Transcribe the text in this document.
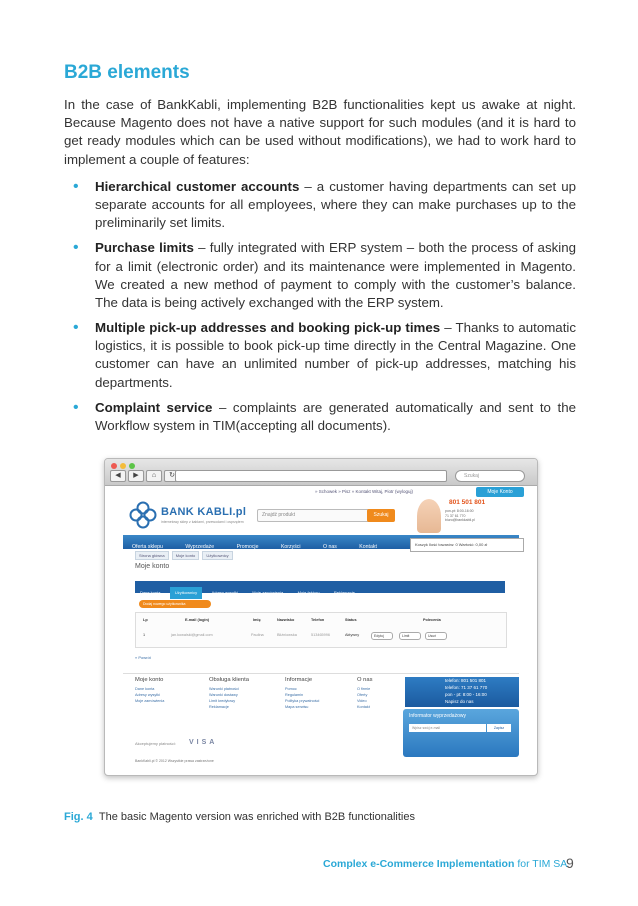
B2B elements

In the case of BankKabli, implementing B2B functionalities kept us awake at night. Because Magento does not have a native support for such modules (and it is hard to get ready modules which can be used without modifications), we had to work hard to implement a couple of features:

• Hierarchical customer accounts – a customer having departments can set up separate accounts for all employees, where they can make purchases up to the preliminarily set limits.
• Purchase limits – fully integrated with ERP system – both the process of asking for a limit (electronic order) and its maintenance were implemented in Magento. We created a new method of payment to comply with the customer’s balance. The data is being actively exchanged with the ERP system.
• Multiple pick-up addresses and booking pick-up times – Thanks to automatic logistics, it is possible to book pick-up time directly in the Central Magazine. One customer can have an unlimited number of pick-up addresses, matching his departments.
• Complaint service – complaints are generated automatically and sent to the Workflow system in TIM(accepting all documents).
◀	▶	⌂	↻	Szukaj
» Schowek » Pisz » Kontakt Witaj, Piotr (wyloguj)	Moje Konto
BANK KABLI.pl
internetowy sklep z kablami, przewodami i osprzętem
Znajdź produkt	Szukaj
801 501 801
pon-pt: 8:00-16:00
71 37 61 770
biuro@bankkabli.pl
Oferta sklepu	Wyprzedaże	Promocje	Korzyści	O nas	Kontakt	Koszyk Ilość towarów: 0 Wartość: 0,00 zł
Strona główna	Moje konto	Użytkownicy
Moje konto
Dane konta	Użytkownicy	Adresy wysyłki	Moje zamówienia	Moje faktury	Reklamacje
Dodaj nowego użytkownika
Lp	E-mail (login)	Imię	Nazwisko	Telefon	Status	Polecenia
1	jan.kowalski@gmail.com	Paulina	Bliźniowska	513465996	Aktywny	Edytuj	Limit	Usuń
« Powrót
Moje konto
Dane konta
Adresy wysyłki
Moje zamówienia
Obsługa klienta
Warunki płatności
Warunki dostawy
Limit kredytowy
Reklamacje
Informacje
Pomoc
Regulamin
Polityka prywatności
Mapa serwisu
O nas
O firmie
Oferty
Video
Kontakt
telefon: 801 501 801
telefon: 71 37 61 770
pon - pt: 8:00 - 16:00
Napisz do nas
Informator wyprzedażowy
Wpisz swój e-mail	Zapisz
Akceptujemy płatności: VISA
BankKabli.pl © 2012 Wszystkie prawa zastrzeżone

Fig. 4 The basic Magento version was enriched with B2B functionalities

Complex e-Commerce Implementation for TIM SA
9
